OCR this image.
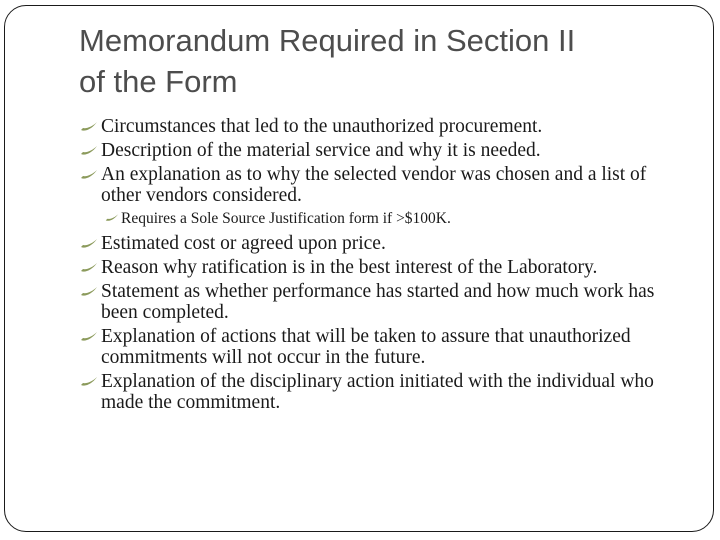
Memorandum Required in Section II
of the Form
Circumstances that led to the unauthorized procurement.
Description of the material service and why it is needed.
An explanation as to why the selected vendor was chosen and a list of other vendors considered.
Requires a Sole Source Justification form if >$100K.
Estimated cost or agreed upon price.
Reason why ratification is in the best interest of the Laboratory.
Statement as whether performance has started and how much work has been completed.
Explanation of actions that will be taken to assure that unauthorized commitments will not occur in the future.
Explanation of the disciplinary action initiated with the individual who made the commitment.
